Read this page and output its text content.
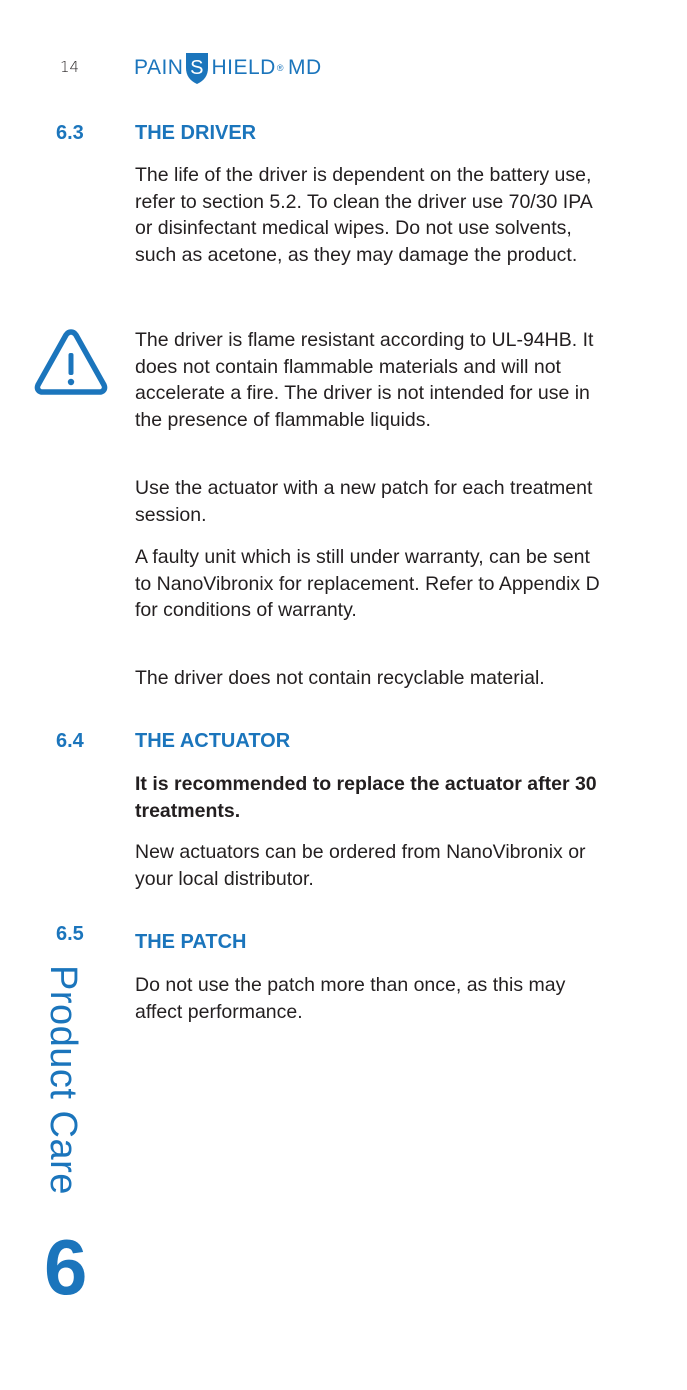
14	PAIN S HIELD ® MD
6.3	THE DRIVER
The life of the driver is dependent on the battery use, refer to section 5.2. To clean the driver use 70/30 IPA or disinfectant medical wipes. Do not use solvents, such as acetone, as they may damage the product.
The driver is flame resistant according to UL-94HB. It does not contain flammable materials and will not accelerate a fire. The driver is not intended for use in the presence of flammable liquids.
Use the actuator with a new patch for each treatment session.
A faulty unit which is still under warranty, can be sent to NanoVibronix for replacement. Refer to Appendix D for conditions of warranty.
The driver does not contain recyclable material.
6.4	THE ACTUATOR
It is recommended to replace the actuator after 30 treatments.
New actuators can be ordered from NanoVibronix or your local distributor.
6.5	THE PATCH
Do not use the patch more than once, as this may affect performance.
Product Care
6
